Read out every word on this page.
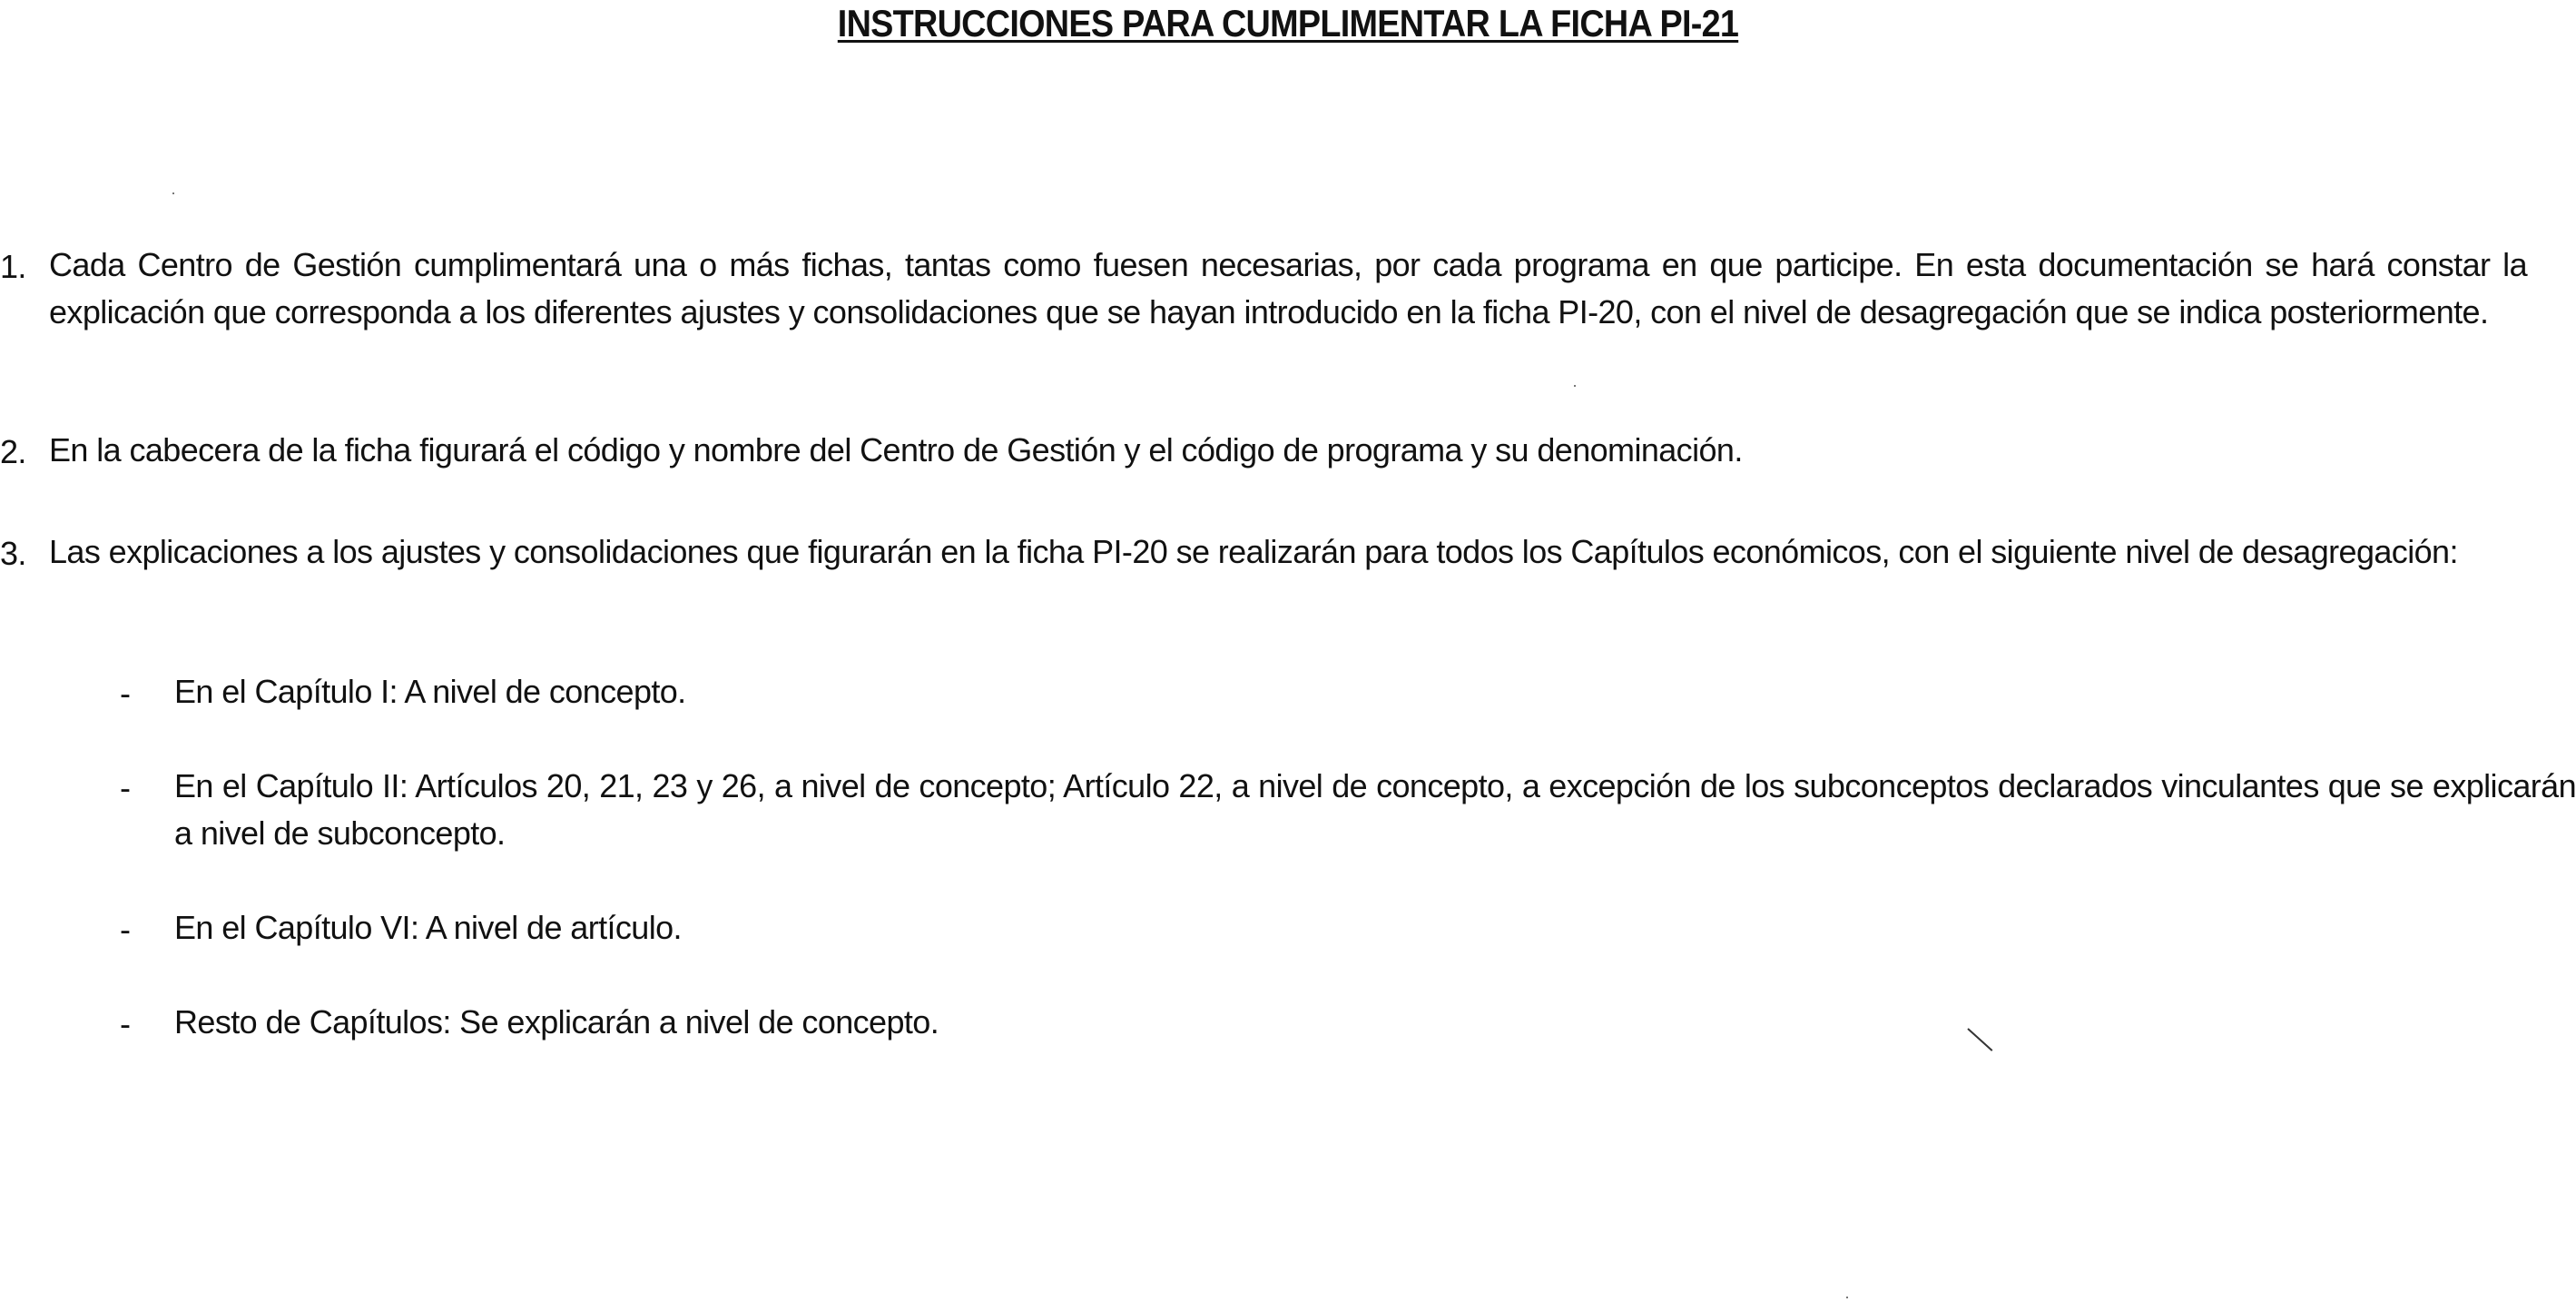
INSTRUCCIONES PARA CUMPLIMENTAR LA FICHA PI-21
1. Cada Centro de Gestión cumplimentará una o más fichas, tantas como fuesen necesarias, por cada programa en que participe. En esta documentación se hará constar la explicación que corresponda a los diferentes ajustes y consolidaciones que se hayan introducido en la ficha PI-20, con el nivel de desagregación que se indica posteriormente.
2. En la cabecera de la ficha figurará el código y nombre del Centro de Gestión y el código de programa y su denominación.
3. Las explicaciones a los ajustes y consolidaciones que figurarán en la ficha PI-20 se realizarán para todos los Capítulos económicos, con el siguiente nivel de desagregación:
- En el Capítulo I: A nivel de concepto.
- En el Capítulo II: Artículos 20, 21, 23 y 26, a nivel de concepto; Artículo 22, a nivel de concepto, a excepción de los subconceptos declarados vinculantes que se explicarán a nivel de subconcepto.
- En el Capítulo VI: A nivel de artículo.
- Resto de Capítulos: Se explicarán a nivel de concepto.
